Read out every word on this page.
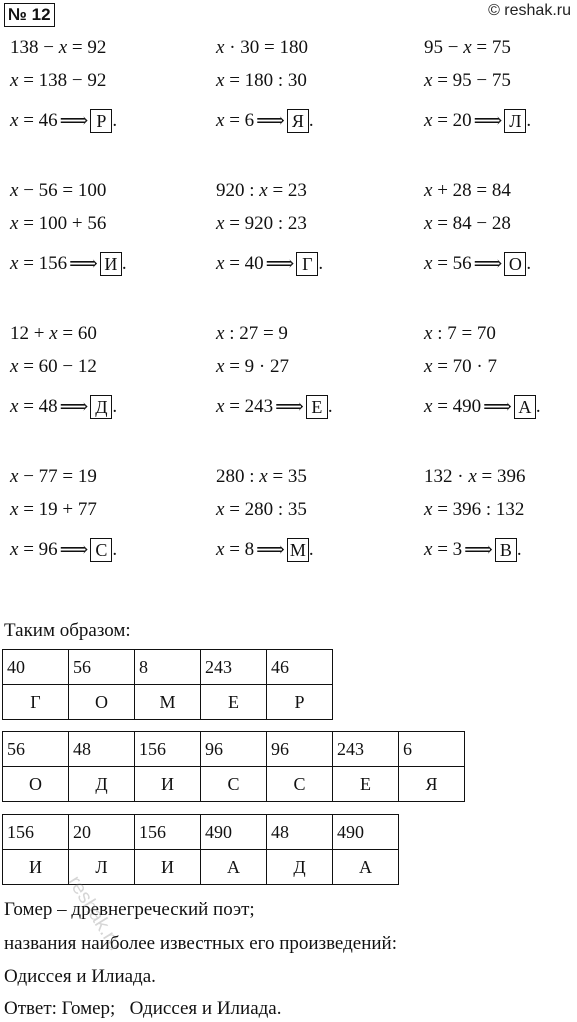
№ 12	© reshak.ru
138 − x = 92
x = 138 − 92
x = 46 ⟹ Р .
x · 30 = 180
x = 180 : 30
x = 6 ⟹ Я .
95 − x = 75
x = 95 − 75
x = 20 ⟹ Л .
x − 56 = 100
x = 100 + 56
x = 156 ⟹ И .
920 : x = 23
x = 920 : 23
x = 40 ⟹ Г .
x + 28 = 84
x = 84 − 28
x = 56 ⟹ О .
12 + x = 60
x = 60 − 12
x = 48 ⟹ Д .
x : 27 = 9
x = 9 · 27
x = 243 ⟹ Е .
x : 7 = 70
x = 70 · 7
x = 490 ⟹ А .
x − 77 = 19
x = 19 + 77
x = 96 ⟹ С .
280 : x = 35
x = 280 : 35
x = 8 ⟹ М .
132 · x = 396
x = 396 : 132
x = 3 ⟹ В .
Таким образом:
40	56	8	243	46
Г	О	М	Е	Р
56	48	156	96	96	243	6
О	Д	И	С	С	Е	Я
156	20	156	490	48	490
И	Л	И	А	Д	А
Гомер – древнегреческий поэт;
названия наиболее известных его произведений:
Одиссея и Илиада.
Ответ: Гомер;   Одиссея и Илиада.
reshak.ru
